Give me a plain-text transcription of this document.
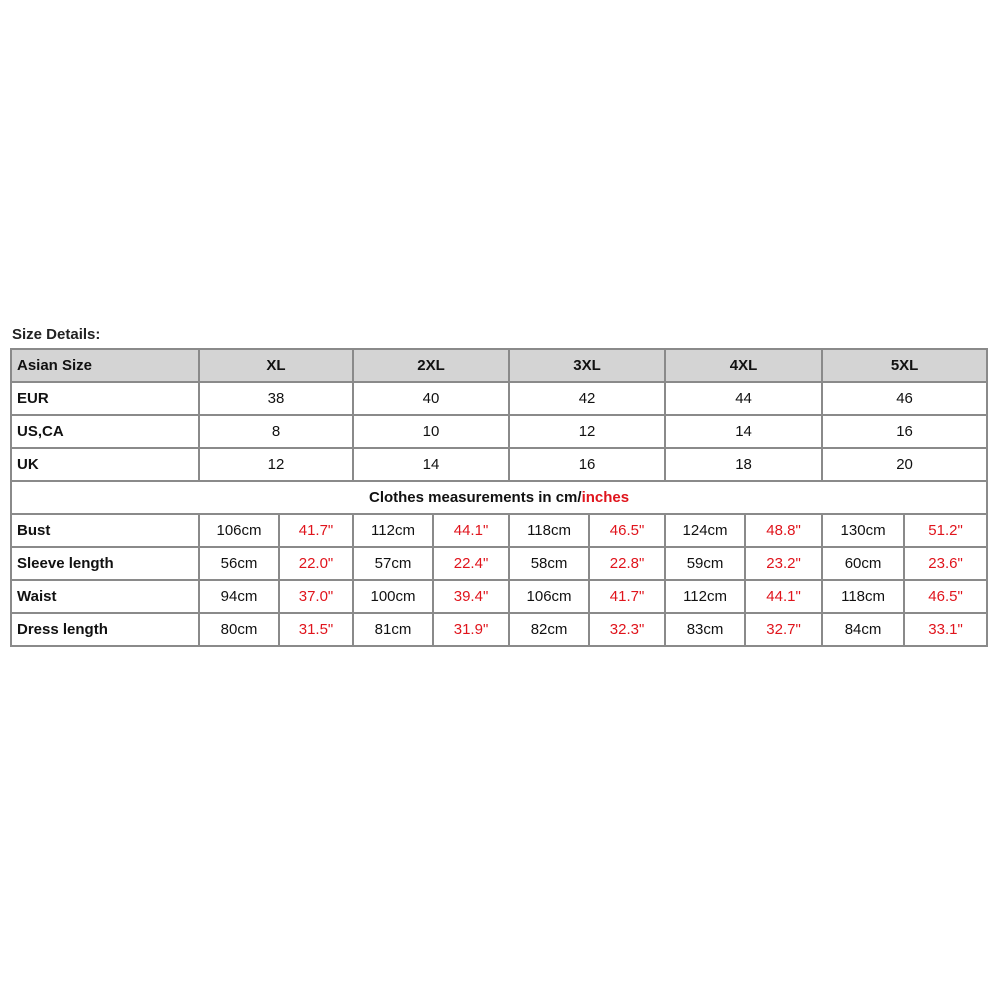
Size Details:
Asian Size	XL		2XL		3XL		4XL		5XL	
EUR	38		40		42		44		46	
US,CA	8		10		12		14		16	
UK	12		14		16		18		20	
Clothes measurements in cm/inches										
Bust	106cm	41.7"	112cm	44.1"	118cm	46.5"	124cm	48.8"	130cm	51.2"
Sleeve length	56cm	22.0"	57cm	22.4"	58cm	22.8"	59cm	23.2"	60cm	23.6"
Waist	94cm	37.0"	100cm	39.4"	106cm	41.7"	112cm	44.1"	118cm	46.5"
Dress length	80cm	31.5"	81cm	31.9"	82cm	32.3"	83cm	32.7"	84cm	33.1"
